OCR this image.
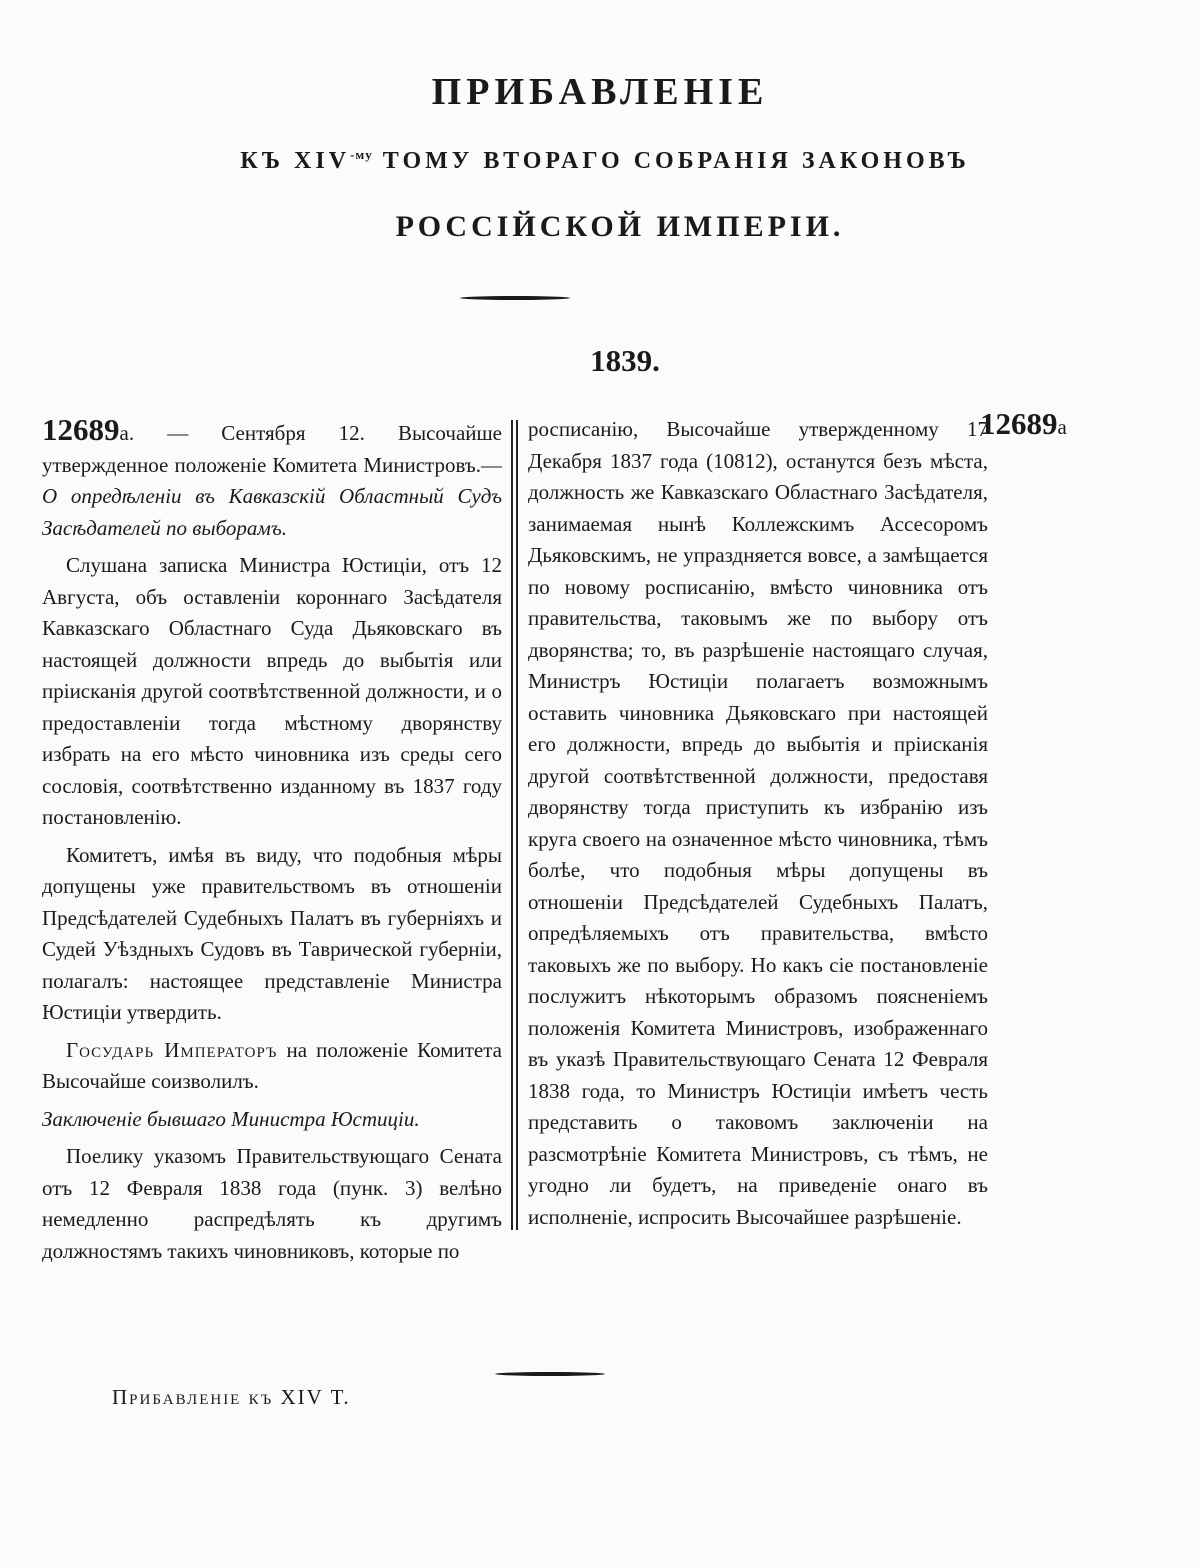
ПРИБАВЛЕНІЕ
КЪ $XIV^{-му}$ ТОМУ ВТОРАГО СОБРАНІЯ ЗАКОНОВЪ
РОССІЙСКОЙ ИМПЕРІИ.
1839.

12689а. — Сентября 12. Высочайше утвержденное положеніе Комитета Министровъ.—О опредѣленіи въ Кавказскій Областный Судъ Засѣдателей по выборамъ.

Слушана записка Министра Юстиціи, отъ 12 Августа, объ оставленіи короннаго Засѣдателя Кавказскаго Областнаго Суда Дьяковскаго въ настоящей должности впредь до выбытія или пріисканія другой соотвѣтственной должности, и о предоставленіи тогда мѣстному дворянству избрать на его мѣсто чиновника изъ среды сего сословія, соотвѣтственно изданному въ 1837 году постановленію.

Комитетъ, имѣя въ виду, что подобныя мѣры допущены уже правительствомъ въ отношеніи Предсѣдателей Судебныхъ Палатъ въ губерніяхъ и Судей Уѣздныхъ Судовъ въ Таврической губерніи, полагалъ: настоящее представленіе Министра Юстиціи утвердить.

Государь Императоръ на положеніе Комитета Высочайше соизволилъ.

Заключеніе бывшаго Министра Юстиціи.

Поелику указомъ Правительствующаго Сената отъ 12 Февраля 1838 года (пунк. 3) велѣно немедленно распредѣлять къ другимъ должностямъ такихъ чиновниковъ, которые по

росписанію, Высочайше утвержденному 17 Декабря 1837 года (10812), останутся безъ мѣста, должность же Кавказскаго Областнаго Засѣдателя, занимаемая нынѣ Коллежскимъ Ассесоромъ Дьяковскимъ, не упраздняется вовсе, а замѣщается по новому росписанію, вмѣсто чиновника отъ правительства, таковымъ же по выбору отъ дворянства; то, въ разрѣшеніе настоящаго случая, Министръ Юстиціи полагаетъ возможнымъ оставить чиновника Дьяковскаго при настоящей его должности, впредь до выбытія и пріисканія другой соотвѣтственной должности, предоставя дворянству тогда приступить къ избранію изъ круга своего на означенное мѣсто чиновника, тѣмъ болѣе, что подобныя мѣры допущены въ отношеніи Предсѣдателей Судебныхъ Палатъ, опредѣляемыхъ отъ правительства, вмѣсто таковыхъ же по выбору. Но какъ сіе постановленіе послужитъ нѣкоторымъ образомъ поясненіемъ положенія Комитета Министровъ, изображеннаго въ указѣ Правительствующаго Сената 12 Февраля 1838 года, то Министръ Юстиціи имѣетъ честь представить о таковомъ заключеніи на разсмотрѣніе Комитета Министровъ, съ тѣмъ, не угодно ли будетъ, на приведеніе онаго въ исполненіе, испросить Высочайшее разрѣшеніе.

12689а
Прибавленіе къ XIV Т.
